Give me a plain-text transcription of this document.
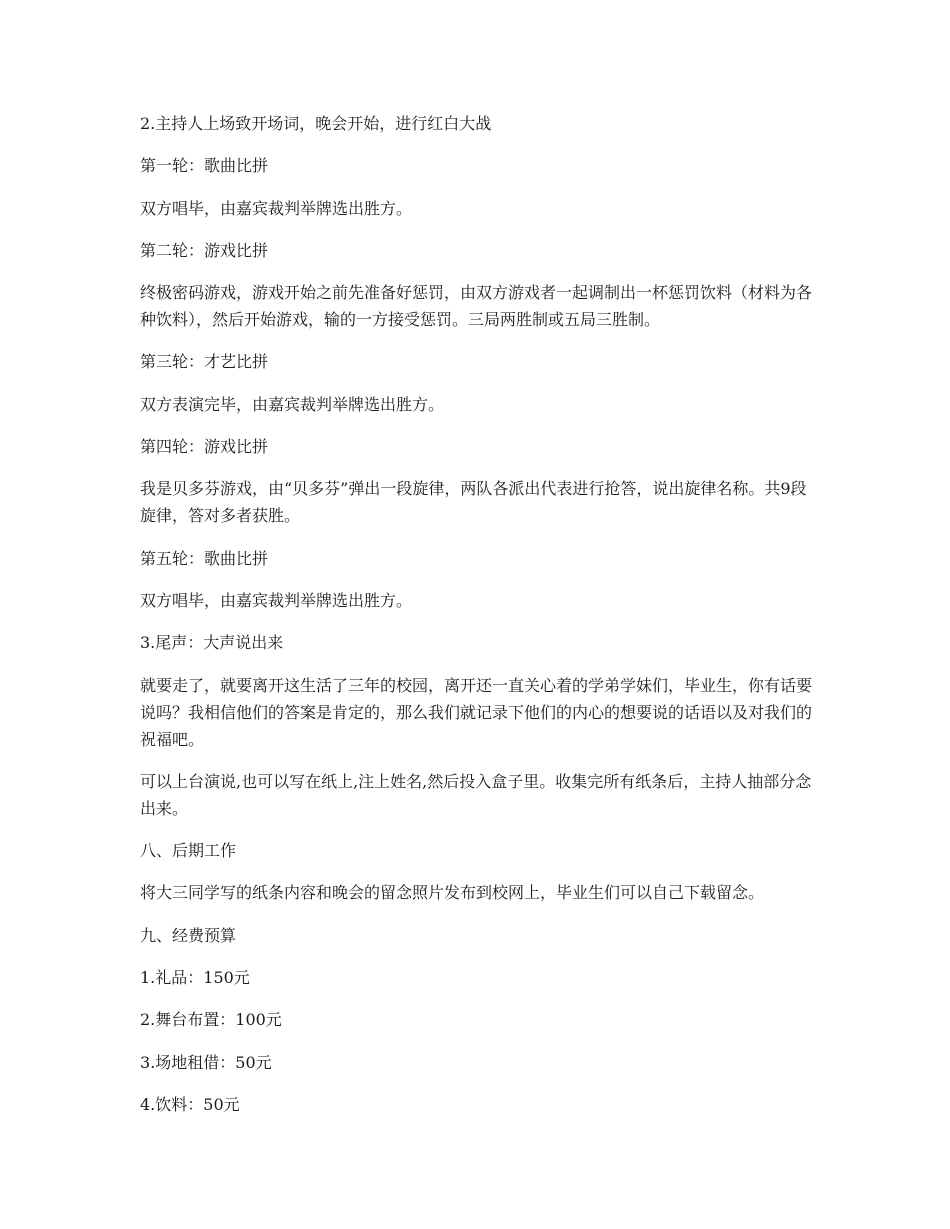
2.主持人上场致开场词，晚会开始，进行红白大战

第一轮：歌曲比拼

双方唱毕，由嘉宾裁判举牌选出胜方。

第二轮：游戏比拼

终极密码游戏，游戏开始之前先准备好惩罚，由双方游戏者一起调制出一杯惩罚饮料（材料为各种饮料），然后开始游戏，输的一方接受惩罚。三局两胜制或五局三胜制。

第三轮：才艺比拼

双方表演完毕，由嘉宾裁判举牌选出胜方。

第四轮：游戏比拼

我是贝多芬游戏，由“贝多芬”弹出一段旋律，两队各派出代表进行抢答，说出旋律名称。共9段旋律，答对多者获胜。

第五轮：歌曲比拼

双方唱毕，由嘉宾裁判举牌选出胜方。

3.尾声：大声说出来

就要走了，就要离开这生活了三年的校园，离开还一直关心着的学弟学妹们，毕业生，你有话要说吗？我相信他们的答案是肯定的，那么我们就记录下他们的内心的想要说的话语以及对我们的祝福吧。

可以上台演说,也可以写在纸上,注上姓名,然后投入盒子里。收集完所有纸条后，主持人抽部分念出来。

八、后期工作

将大三同学写的纸条内容和晚会的留念照片发布到校网上，毕业生们可以自己下载留念。

九、经费预算

1.礼品：150元

2.舞台布置：100元

3.场地租借：50元

4.饮料：50元
